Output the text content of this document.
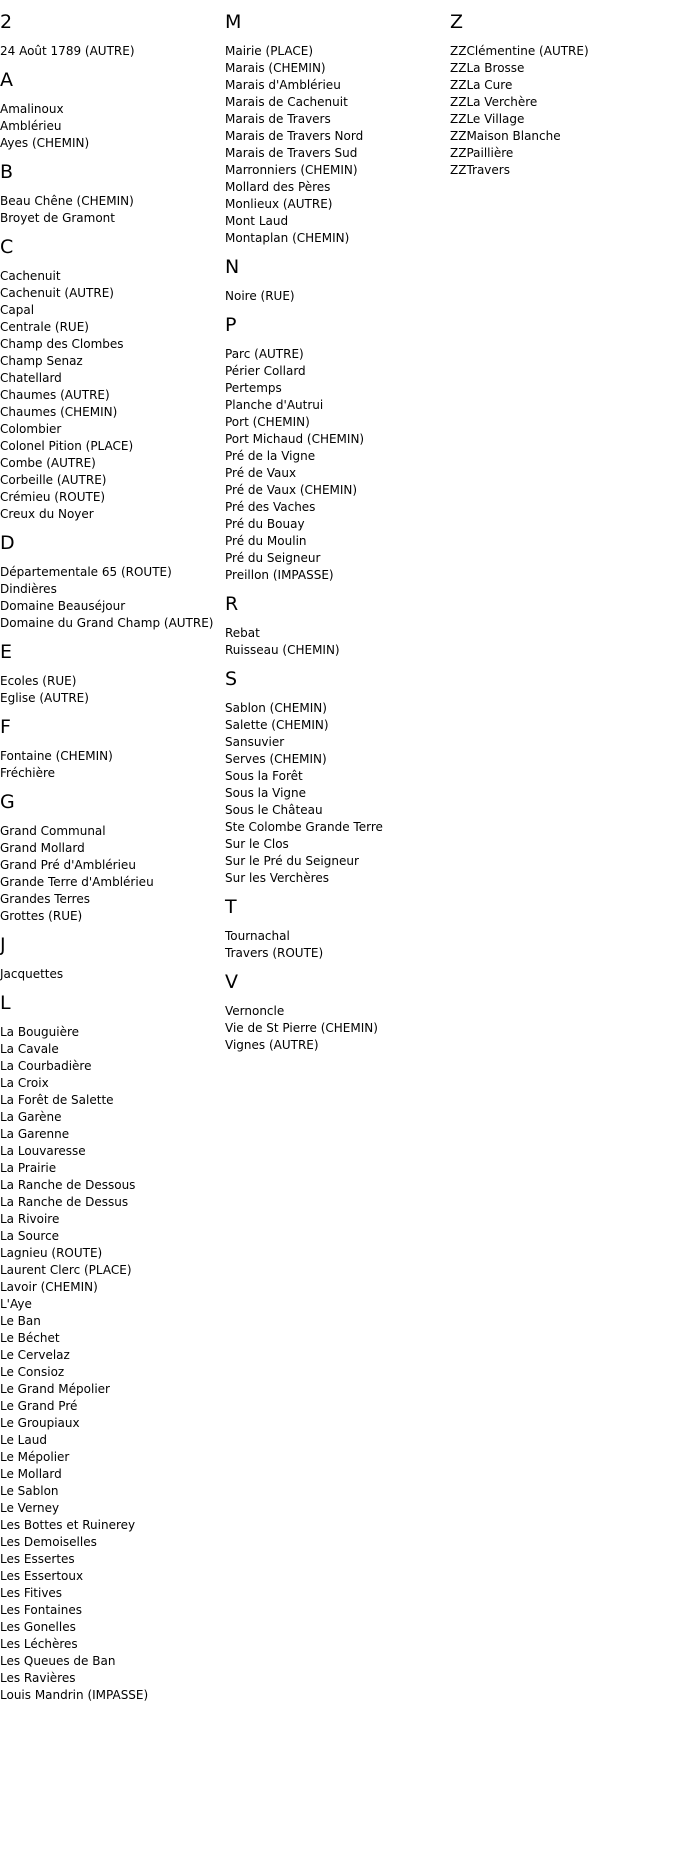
2
24 Août 1789 (AUTRE)
A
Amalinoux
Amblérieu
Ayes (CHEMIN)
B
Beau Chêne (CHEMIN)
Broyet de Gramont
C
Cachenuit
Cachenuit (AUTRE)
Capal
Centrale (RUE)
Champ des Clombes
Champ Senaz
Chatellard
Chaumes (AUTRE)
Chaumes (CHEMIN)
Colombier
Colonel Pition (PLACE)
Combe (AUTRE)
Corbeille (AUTRE)
Crémieu (ROUTE)
Creux du Noyer
D
Départementale 65 (ROUTE)
Dindières
Domaine Beauséjour
Domaine du Grand Champ (AUTRE)
E
Ecoles (RUE)
Eglise (AUTRE)
F
Fontaine (CHEMIN)
Fréchière
G
Grand Communal
Grand Mollard
Grand Pré d'Amblérieu
Grande Terre d'Amblérieu
Grandes Terres
Grottes (RUE)
J
Jacquettes
L
La Bouguière
La Cavale
La Courbadière
La Croix
La Forêt de Salette
La Garène
La Garenne
La Louvaresse
La Prairie
La Ranche de Dessous
La Ranche de Dessus
La Rivoire
La Source
Lagnieu (ROUTE)
Laurent Clerc (PLACE)
Lavoir (CHEMIN)
L'Aye
Le Ban
Le Béchet
Le Cervelaz
Le Consioz
Le Grand Mépolier
Le Grand Pré
Le Groupiaux
Le Laud
Le Mépolier
Le Mollard
Le Sablon
Le Verney
Les Bottes et Ruinerey
Les Demoiselles
Les Essertes
Les Essertoux
Les Fitives
Les Fontaines
Les Gonelles
Les Léchères
Les Queues de Ban
Les Ravières
Louis Mandrin (IMPASSE)
M
Mairie (PLACE)
Marais (CHEMIN)
Marais d'Amblérieu
Marais de Cachenuit
Marais de Travers
Marais de Travers Nord
Marais de Travers Sud
Marronniers (CHEMIN)
Mollard des Pères
Monlieux (AUTRE)
Mont Laud
Montaplan (CHEMIN)
N
Noire (RUE)
P
Parc (AUTRE)
Périer Collard
Pertemps
Planche d'Autrui
Port (CHEMIN)
Port Michaud (CHEMIN)
Pré de la Vigne
Pré de Vaux
Pré de Vaux (CHEMIN)
Pré des Vaches
Pré du Bouay
Pré du Moulin
Pré du Seigneur
Preillon (IMPASSE)
R
Rebat
Ruisseau (CHEMIN)
S
Sablon (CHEMIN)
Salette (CHEMIN)
Sansuvier
Serves (CHEMIN)
Sous la Forêt
Sous la Vigne
Sous le Château
Ste Colombe Grande Terre
Sur le Clos
Sur le Pré du Seigneur
Sur les Verchères
T
Tournachal
Travers (ROUTE)
V
Vernoncle
Vie de St Pierre (CHEMIN)
Vignes (AUTRE)
Z
ZZClémentine (AUTRE)
ZZLa Brosse
ZZLa Cure
ZZLa Verchère
ZZLe Village
ZZMaison Blanche
ZZPaillière
ZZTravers
